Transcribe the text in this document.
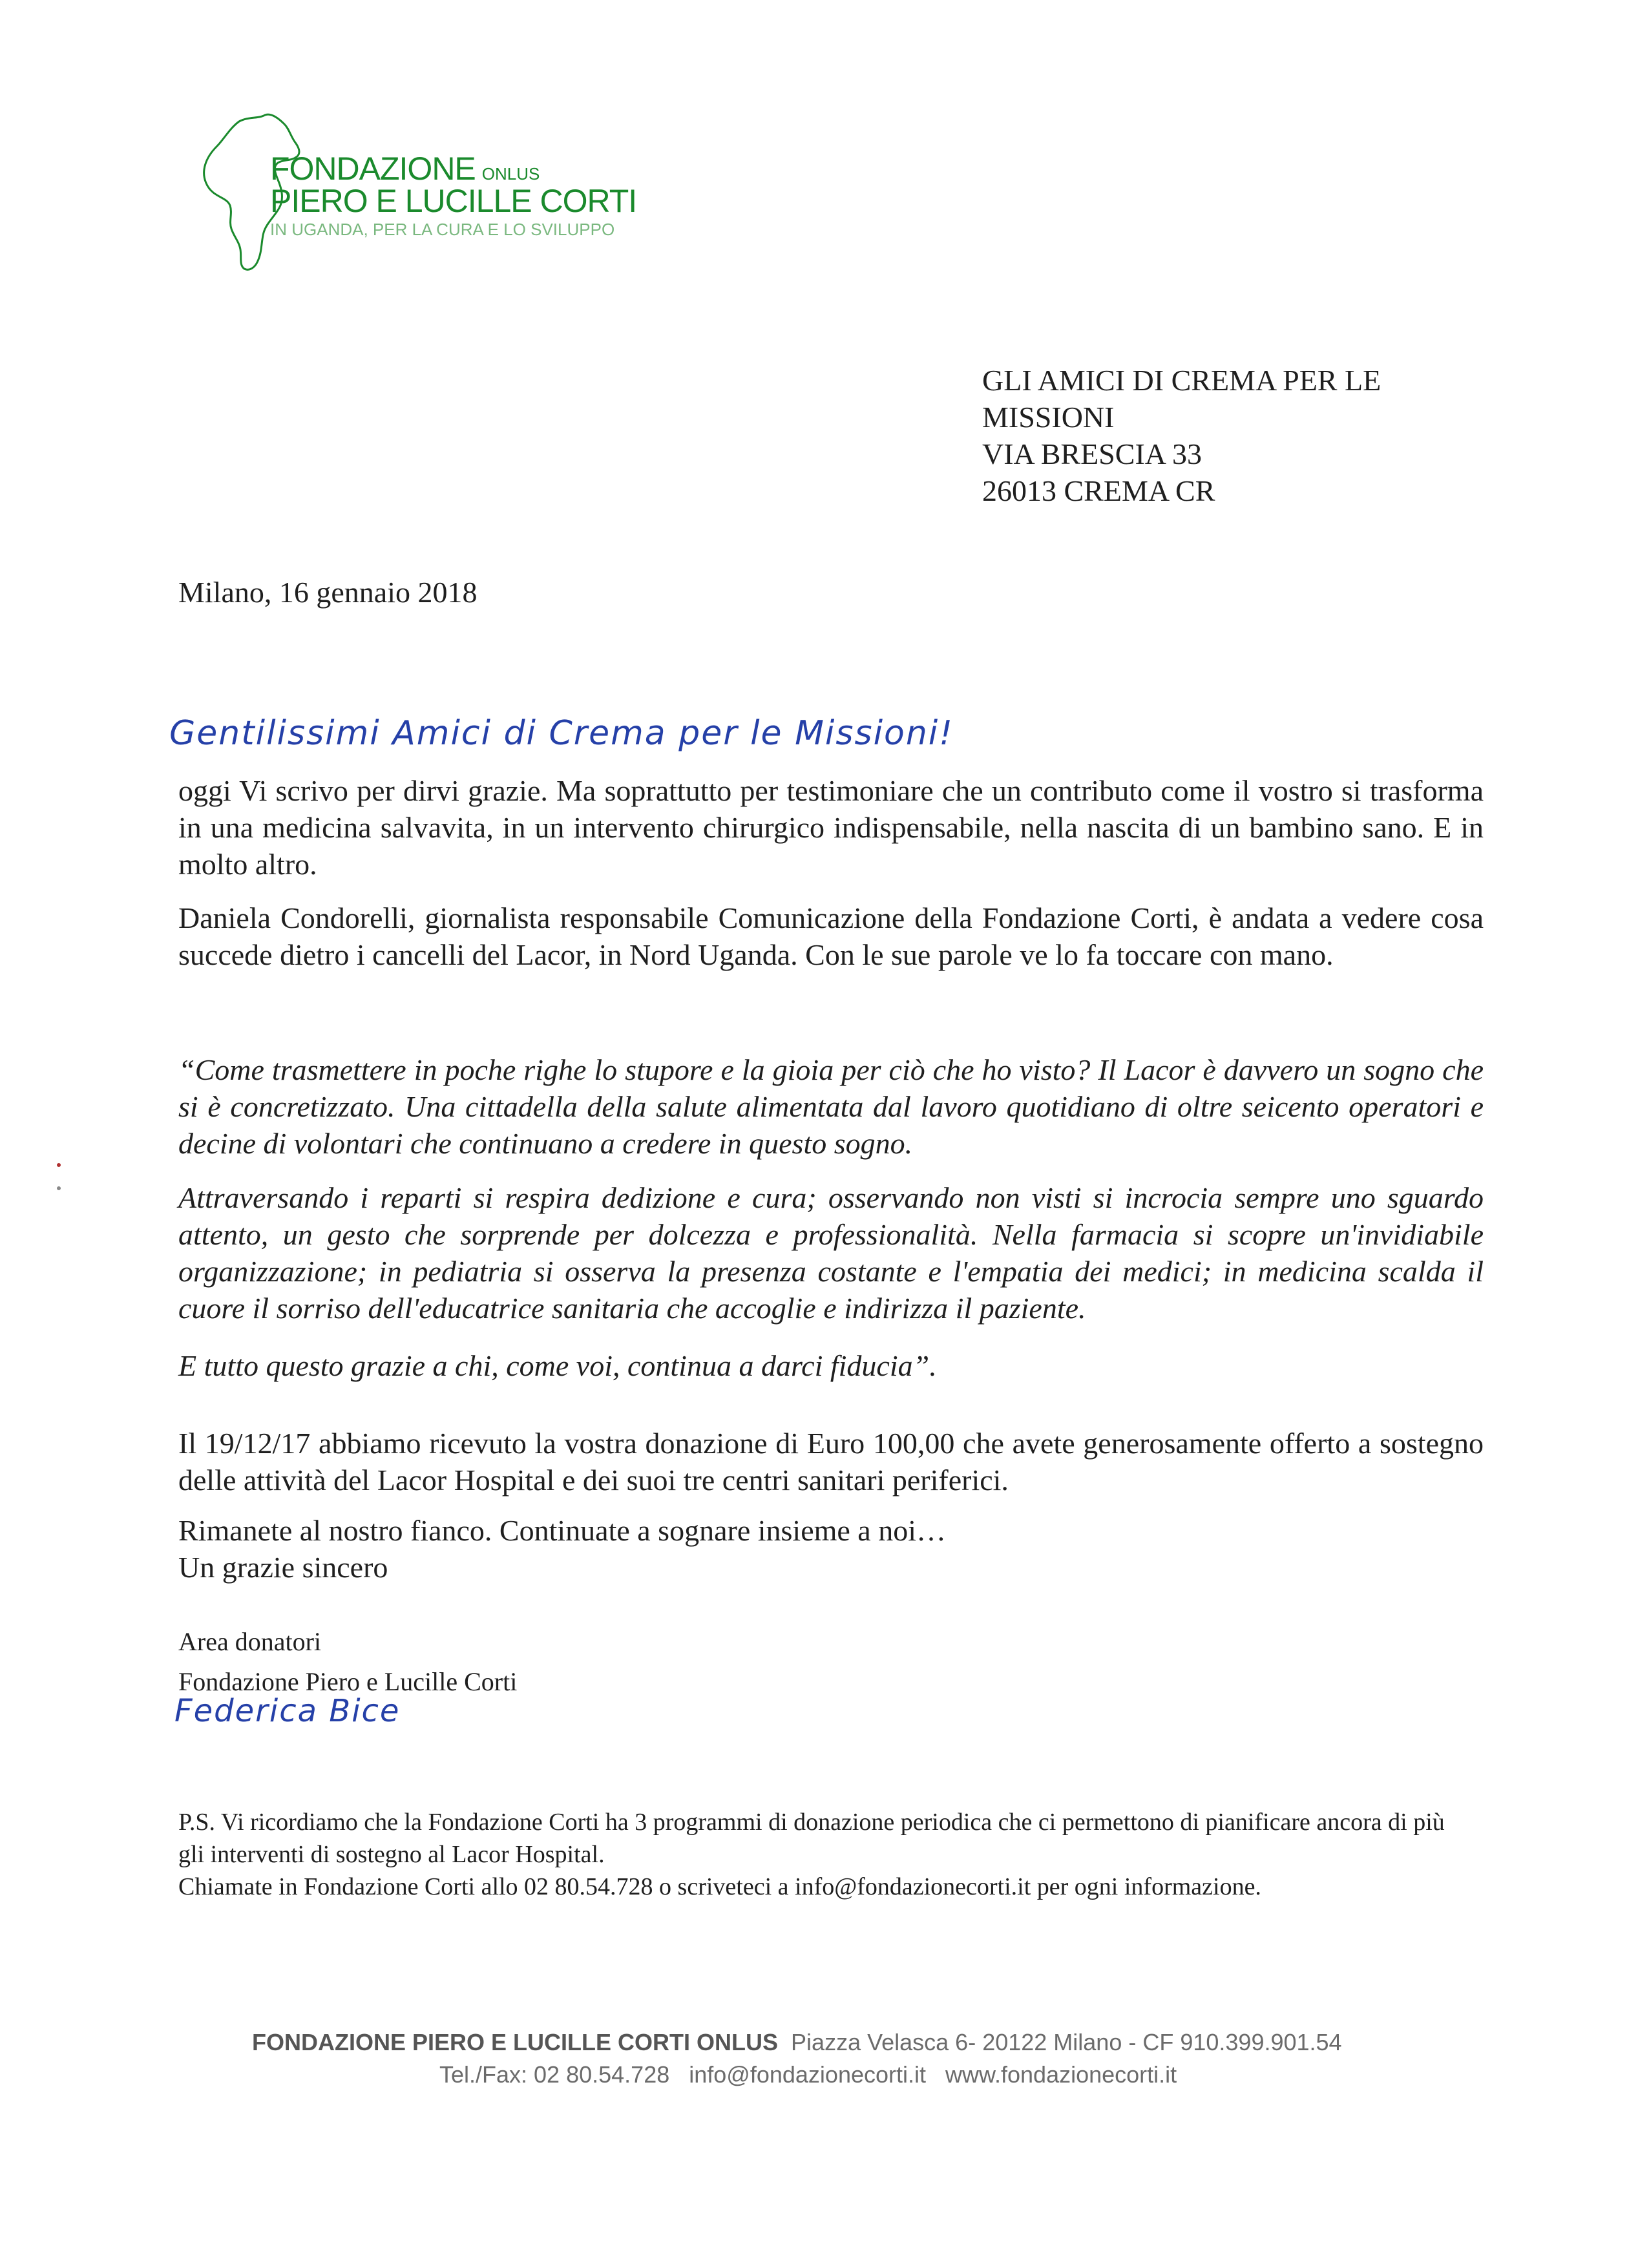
FONDAZIONE ONLUS
PIERO E LUCILLE CORTI
IN UGANDA, PER LA CURA E LO SVILUPPO
GLI AMICI DI CREMA PER LE
MISSIONI
VIA BRESCIA 33
26013 CREMA CR
Milano, 16 gennaio 2018
Gentilissimi Amici di Crema per le Missioni!
oggi Vi scrivo per dirvi grazie. Ma soprattutto per testimoniare che un contributo come il vostro si trasforma in una medicina salvavita, in un intervento chirurgico indispensabile, nella nascita di un bambino sano. E in molto altro.
Daniela Condorelli, giornalista responsabile Comunicazione della Fondazione Corti, è andata a vedere cosa succede dietro i cancelli del Lacor, in Nord Uganda. Con le sue parole ve lo fa toccare con mano.
“Come trasmettere in poche righe lo stupore e la gioia per ciò che ho visto? Il Lacor è davvero un sogno che si è concretizzato. Una cittadella della salute alimentata dal lavoro quotidiano di oltre seicento operatori e decine di volontari che continuano a credere in questo sogno.
Attraversando i reparti si respira dedizione e cura; osservando non visti si incrocia sempre uno sguardo attento, un gesto che sorprende per dolcezza e professionalità. Nella farmacia si scopre un'invidiabile organizzazione; in pediatria si osserva la presenza costante e l'empatia dei medici; in medicina scalda il cuore il sorriso dell'educatrice sanitaria che accoglie e indirizza il paziente.
E tutto questo grazie a chi, come voi, continua a darci fiducia”.
Il 19/12/17 abbiamo ricevuto la vostra donazione di Euro 100,00 che avete generosamente offerto a sostegno delle attività del Lacor Hospital e dei suoi tre centri sanitari periferici.
Rimanete al nostro fianco. Continuate a sognare insieme a noi…
Un grazie sincero
Area donatori
Fondazione Piero e Lucille Corti
Federica Bice
P.S. Vi ricordiamo che la Fondazione Corti ha 3 programmi di donazione periodica che ci permettono di pianificare ancora di più gli interventi di sostegno al Lacor Hospital.
Chiamate in Fondazione Corti allo 02 80.54.728 o scriveteci a info@fondazionecorti.it per ogni informazione.
FONDAZIONE PIERO E LUCILLE CORTI ONLUS Piazza Velasca 6- 20122 Milano - CF 910.399.901.54
Tel./Fax: 02 80.54.728 info@fondazionecorti.it www.fondazionecorti.it
